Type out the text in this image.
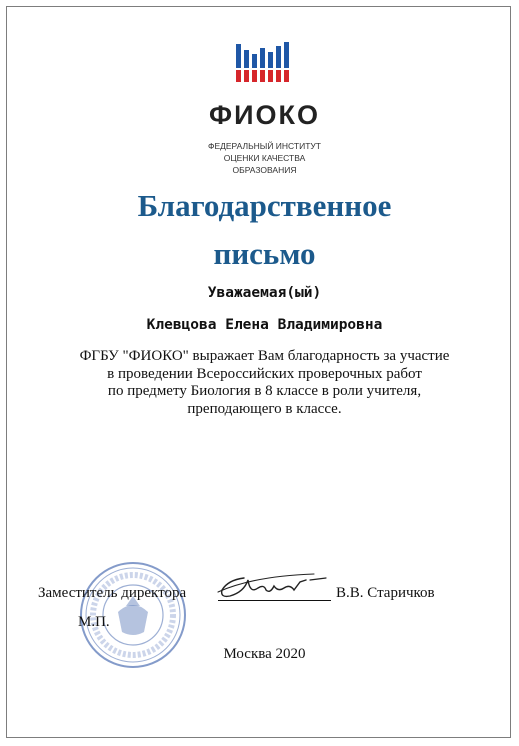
ФИОКО
ФЕДЕРАЛЬНЫЙ ИНСТИТУТ
ОЦЕНКИ КАЧЕСТВА
ОБРАЗОВАНИЯ
Благодарственное
письмо
Уважаемая(ый)
Клевцова Елена Владимировна
ФГБУ "ФИОКО" выражает Вам благодарность за участие
в проведении Всероссийских проверочных работ
по предмету Биология в 8 классе в роли учителя,
преподающего в классе.
Заместитель директора	В.В. Старичков
М.П.
Москва 2020
